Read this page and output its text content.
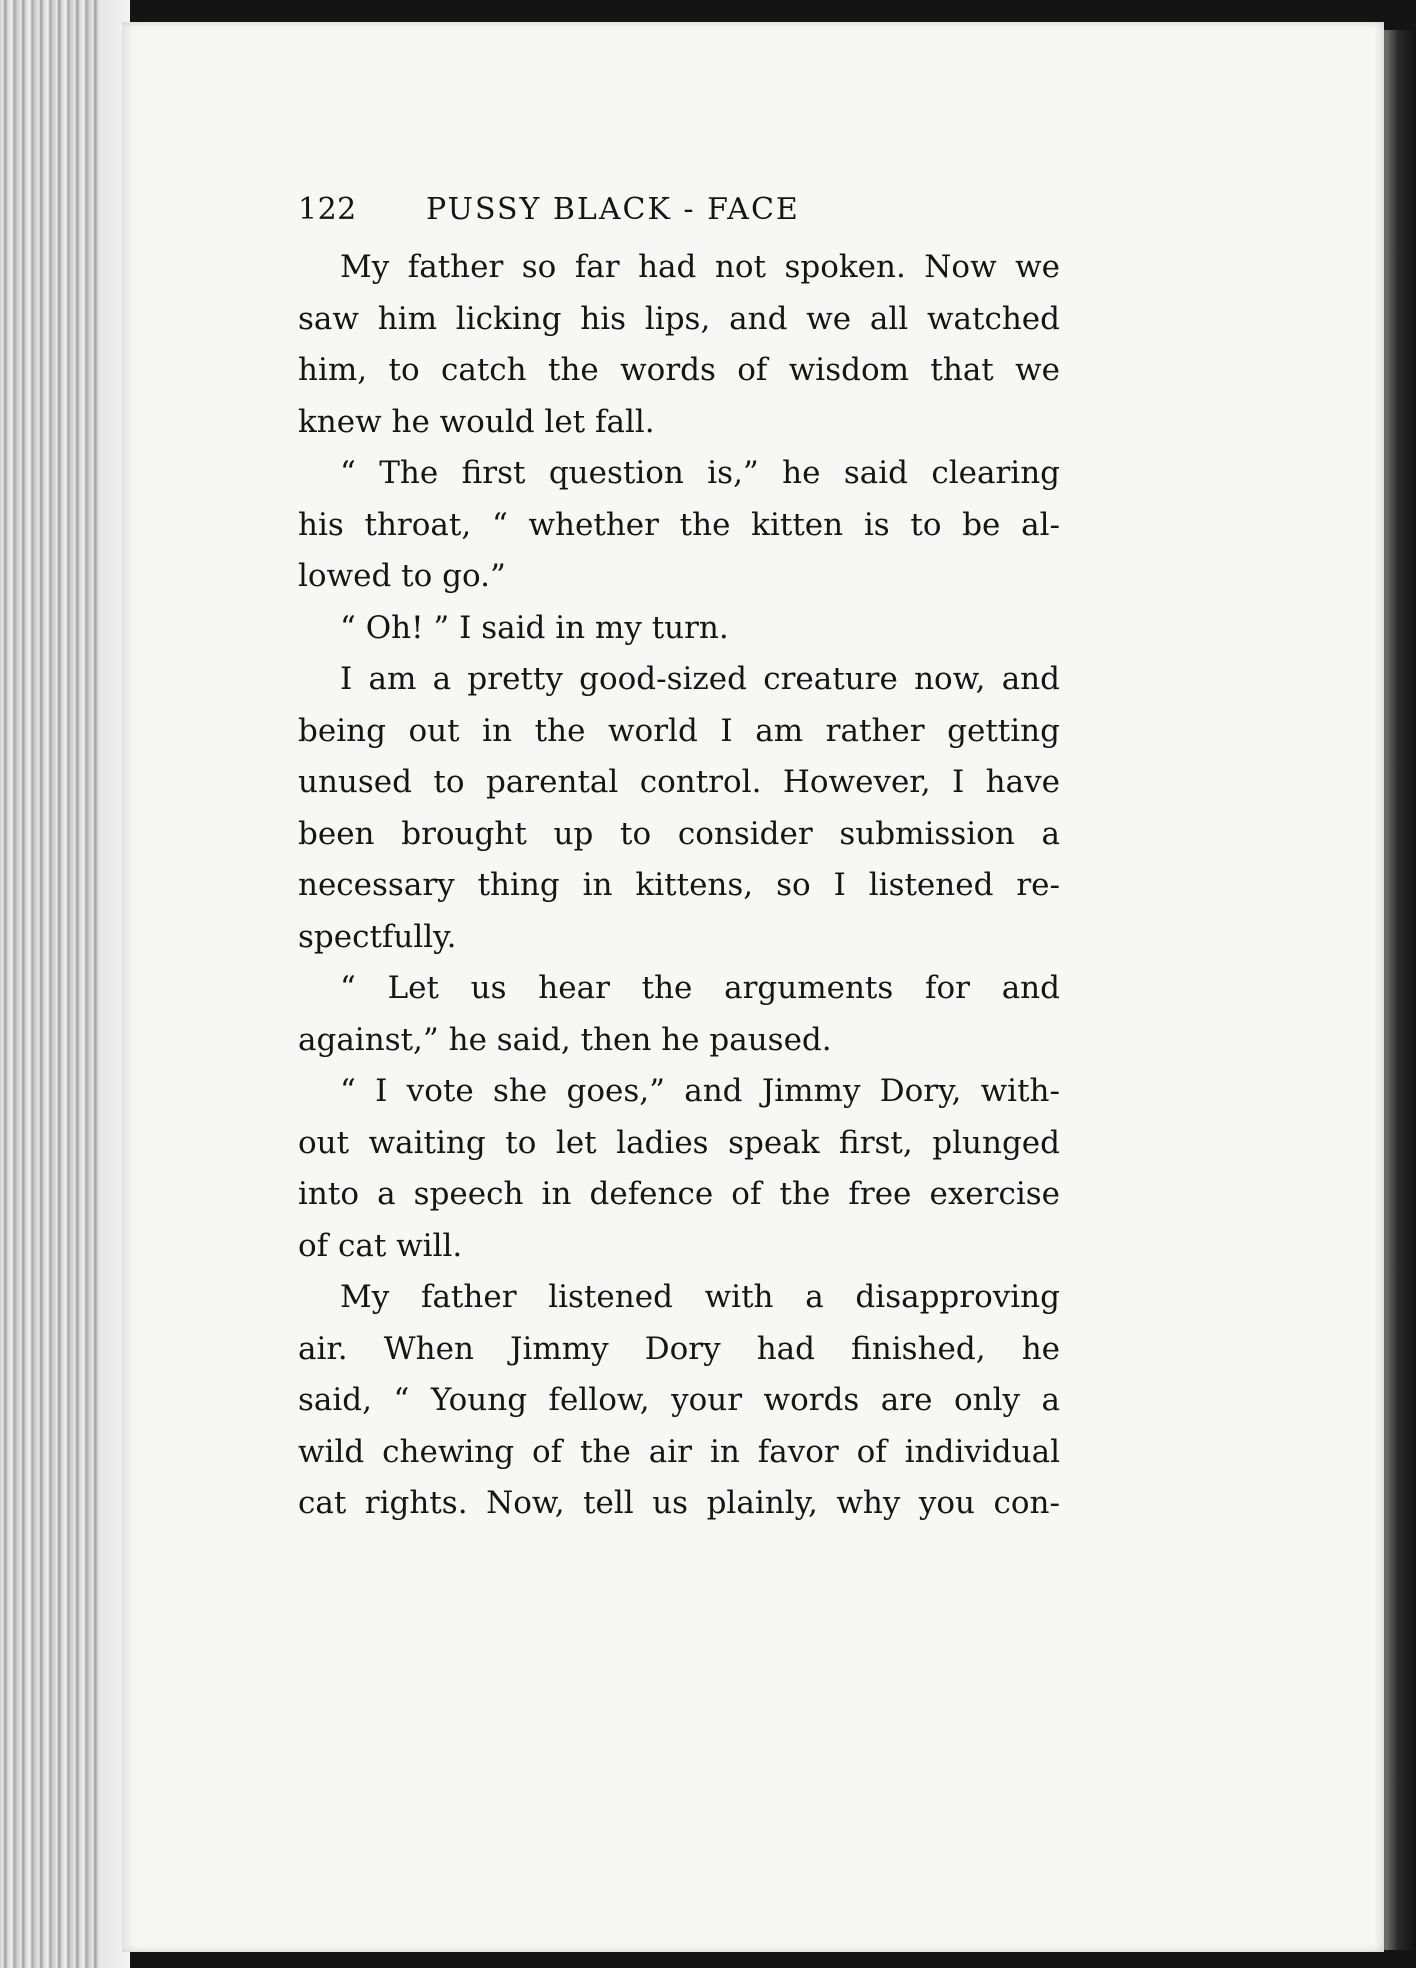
122	PUSSY BLACK - FACE
My father so far had not spoken. Now we
saw him licking his lips, and we all watched
him, to catch the words of wisdom that we
knew he would let fall.
“ The first question is,” he said clearing
his throat, “ whether the kitten is to be al-
lowed to go.”
“ Oh! ” I said in my turn.
I am a pretty good-sized creature now, and
being out in the world I am rather getting
unused to parental control. However, I have
been brought up to consider submission a
necessary thing in kittens, so I listened re-
spectfully.
“ Let us hear the arguments for and
against,” he said, then he paused.
“ I vote she goes,” and Jimmy Dory, with-
out waiting to let ladies speak first, plunged
into a speech in defence of the free exercise
of cat will.
My father listened with a disapproving
air. When Jimmy Dory had finished, he
said, “ Young fellow, your words are only a
wild chewing of the air in favor of individual
cat rights. Now, tell us plainly, why you con-
